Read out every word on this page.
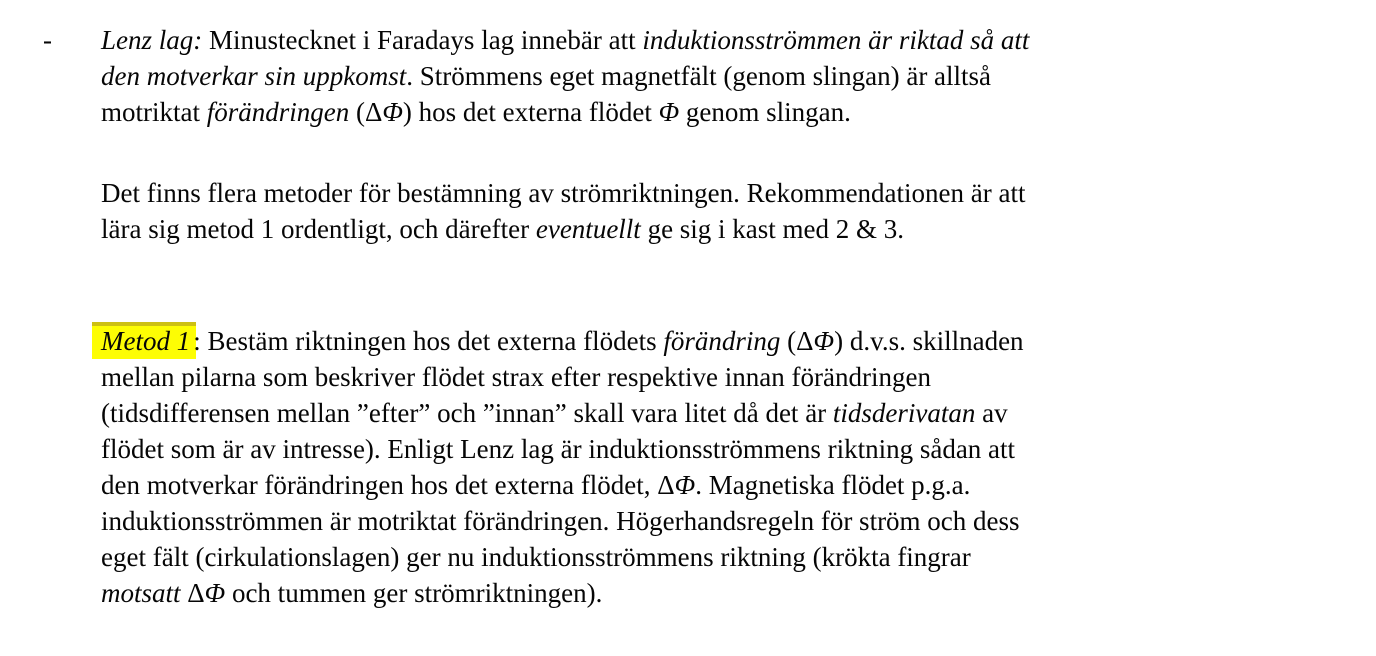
- Lenz lag: Minustecknet i Faradays lag innebär att induktionsströmmen är riktad så att
den motverkar sin uppkomst. Strömmens eget magnetfält (genom slingan) är alltså
motriktat förändringen (ΔΦ) hos det externa flödet Φ genom slingan.
Det finns flera metoder för bestämning av strömriktningen. Rekommendationen är att
lära sig metod 1 ordentligt, och därefter eventuellt ge sig i kast med 2 & 3.
Metod 1 : Bestäm riktningen hos det externa flödets förändring (ΔΦ) d.v.s. skillnaden
mellan pilarna som beskriver flödet strax efter respektive innan förändringen
(tidsdifferensen mellan ”efter” och ”innan” skall vara litet då det är tidsderivatan av
flödet som är av intresse). Enligt Lenz lag är induktionsströmmens riktning sådan att
den motverkar förändringen hos det externa flödet, ΔΦ. Magnetiska flödet p.g.a.
induktionsströmmen är motriktat förändringen. Högerhandsregeln för ström och dess
eget fält (cirkulationslagen) ger nu induktionsströmmens riktning (krökta fingrar
motsatt ΔΦ och tummen ger strömriktningen).
